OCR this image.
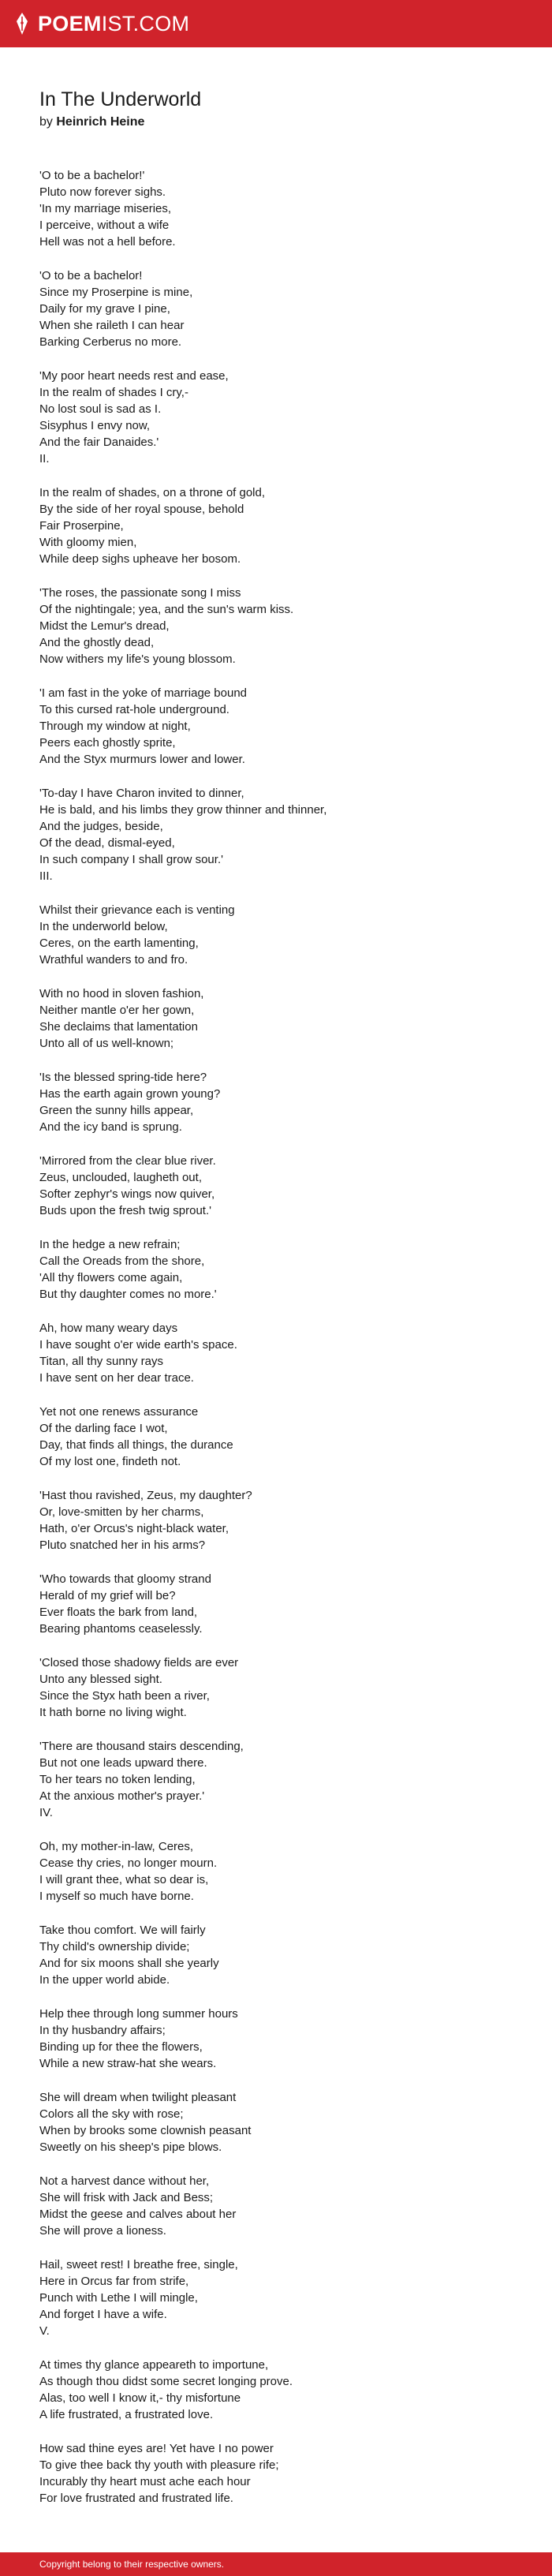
POEMIST.COM
In The Underworld
by Heinrich Heine
'O to be a bachelor!'
Pluto now forever sighs.
'In my marriage miseries,
I perceive, without a wife
Hell was not a hell before.
'O to be a bachelor!
Since my Proserpine is mine,
Daily for my grave I pine,
When she raileth I can hear
Barking Cerberus no more.
'My poor heart needs rest and ease,
In the realm of shades I cry,-
No lost soul is sad as I.
Sisyphus I envy now,
And the fair Danaides.'
II.
In the realm of shades, on a throne of gold,
By the side of her royal spouse, behold
Fair Proserpine,
With gloomy mien,
While deep sighs upheave her bosom.
'The roses, the passionate song I miss
Of the nightingale; yea, and the sun's warm kiss.
Midst the Lemur's dread,
And the ghostly dead,
Now withers my life's young blossom.
'I am fast in the yoke of marriage bound
To this cursed rat-hole underground.
Through my window at night,
Peers each ghostly sprite,
And the Styx murmurs lower and lower.
'To-day I have Charon invited to dinner,
He is bald, and his limbs they grow thinner and thinner,
And the judges, beside,
Of the dead, dismal-eyed,
In such company I shall grow sour.'
III.
Whilst their grievance each is venting
In the underworld below,
Ceres, on the earth lamenting,
Wrathful wanders to and fro.
With no hood in sloven fashion,
Neither mantle o'er her gown,
She declaims that lamentation
Unto all of us well-known;
'Is the blessed spring-tide here?
Has the earth again grown young?
Green the sunny hills appear,
And the icy band is sprung.
'Mirrored from the clear blue river.
Zeus, unclouded, laugheth out,
Softer zephyr's wings now quiver,
Buds upon the fresh twig sprout.'
In the hedge a new refrain;
Call the Oreads from the shore,
'All thy flowers come again,
But thy daughter comes no more.'
Ah, how many weary days
I have sought o'er wide earth's space.
Titan, all thy sunny rays
I have sent on her dear trace.
Yet not one renews assurance
Of the darling face I wot,
Day, that finds all things, the durance
Of my lost one, findeth not.
'Hast thou ravished, Zeus, my daughter?
Or, love-smitten by her charms,
Hath, o'er Orcus's night-black water,
Pluto snatched her in his arms?
'Who towards that gloomy strand
Herald of my grief will be?
Ever floats the bark from land,
Bearing phantoms ceaselessly.
'Closed those shadowy fields are ever
Unto any blessed sight.
Since the Styx hath been a river,
It hath borne no living wight.
'There are thousand stairs descending,
But not one leads upward there.
To her tears no token lending,
At the anxious mother's prayer.'
IV.
Oh, my mother-in-law, Ceres,
Cease thy cries, no longer mourn.
I will grant thee, what so dear is,
I myself so much have borne.
Take thou comfort. We will fairly
Thy child's ownership divide;
And for six moons shall she yearly
In the upper world abide.
Help thee through long summer hours
In thy husbandry affairs;
Binding up for thee the flowers,
While a new straw-hat she wears.
She will dream when twilight pleasant
Colors all the sky with rose;
When by brooks some clownish peasant
Sweetly on his sheep's pipe blows.
Not a harvest dance without her,
She will frisk with Jack and Bess;
Midst the geese and calves about her
She will prove a lioness.
Hail, sweet rest! I breathe free, single,
Here in Orcus far from strife,
Punch with Lethe I will mingle,
And forget I have a wife.
V.
At times thy glance appeareth to importune,
As though thou didst some secret longing prove.
Alas, too well I know it,- thy misfortune
A life frustrated, a frustrated love.
How sad thine eyes are! Yet have I no power
To give thee back thy youth with pleasure rife;
Incurably thy heart must ache each hour
For love frustrated and frustrated life.
Copyright belong to their respective owners.
